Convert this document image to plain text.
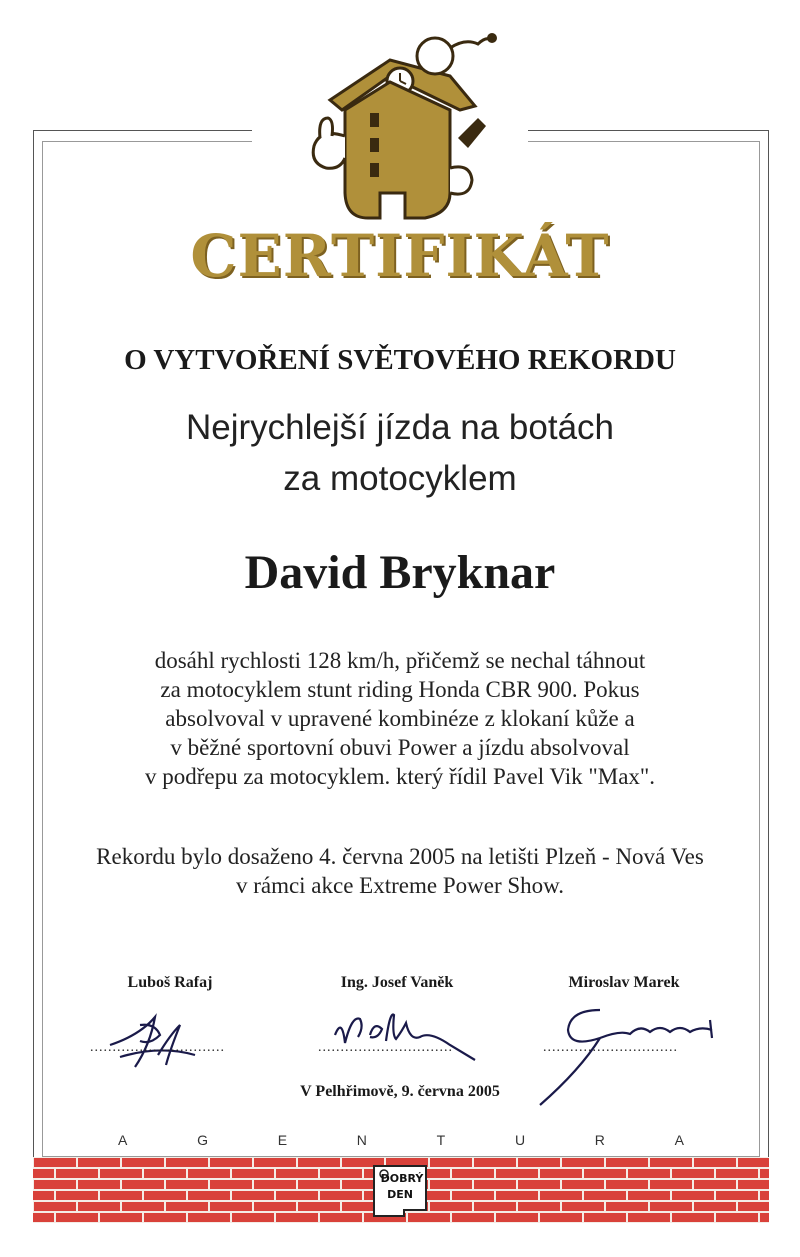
CERTIFIKÁT
O VYTVOŘENÍ SVĚTOVÉHO REKORDU
Nejrychlejší jízda na botách
za motocyklem
David Bryknar
dosáhl rychlosti 128 km/h, přičemž se nechal táhnout
za motocyklem stunt riding Honda CBR 900. Pokus
absolvoval v upravené kombinéze z klokaní kůže a
v běžné sportovní obuvi Power a jízdu absolvoval
v podřepu za motocyklem. který řídil Pavel Vik "Max".
Rekordu bylo dosaženo 4. června 2005 na letišti Plzeň - Nová Ves
v rámci akce Extreme Power Show.
Luboš Rafaj	Ing. Josef Vaněk	Miroslav Marek
..............................	..............................	..............................
V Pelhřimově, 9. června 2005
A	G	E	N	T	U	R	A
DOBRÝ
DEN
